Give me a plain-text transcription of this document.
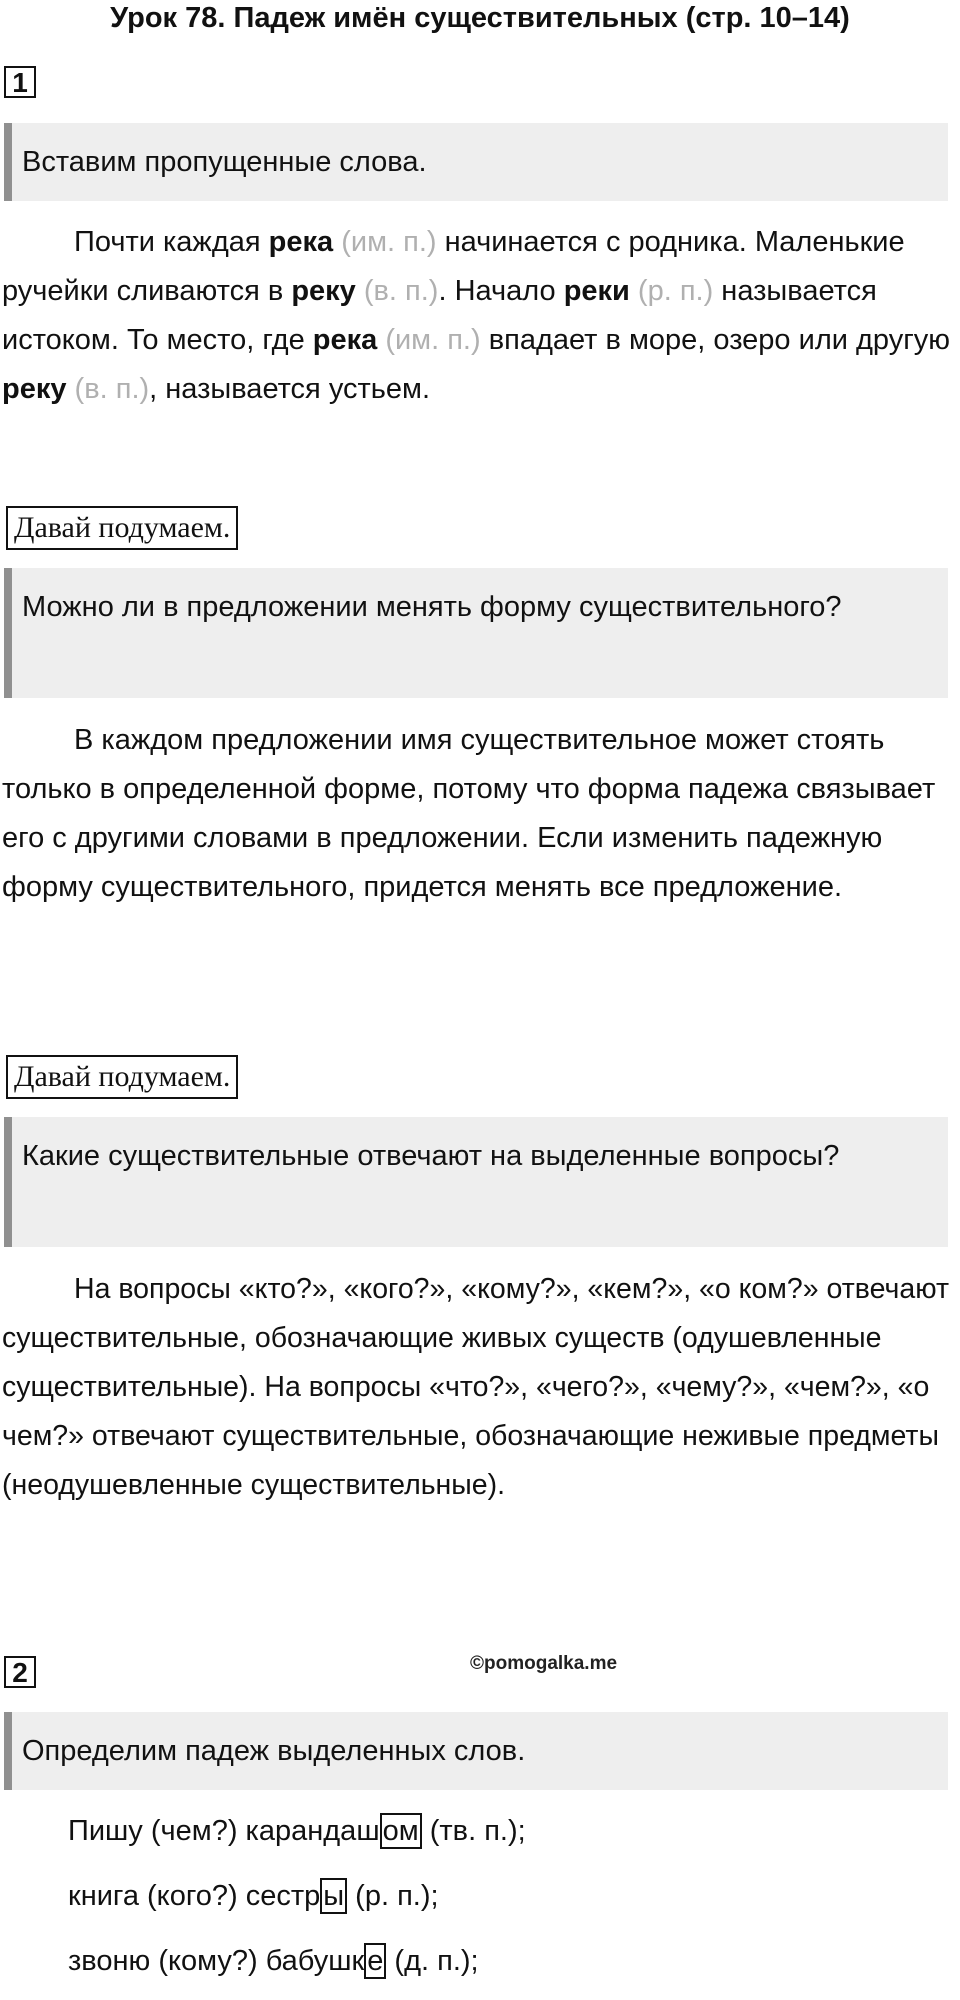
Урок 78. Падеж имён существительных (стр. 10–14)
1
Вставим пропущенные слова.

Почти каждая река (им. п.) начинается с родника. Маленькие ручейки сливаются в реку (в. п.). Начало реки (р. п.) называется истоком. То место, где река (им. п.) впадает в море, озеро или другую реку (в. п.), называется устьем.

Давай подумаем.
Можно ли в предложении менять форму существительного?

В каждом предложении имя существительное может стоять только в определенной форме, потому что форма падежа связывает его с другими словами в предложении. Если изменить падежную форму существительного, придется менять все предложение.

Давай подумаем.
Какие существительные отвечают на выделенные вопросы?

На вопросы «кто?», «кого?», «кому?», «кем?», «о ком?» отвечают существительные, обозначающие живых существ (одушевленные существительные). На вопросы «что?», «чего?», «чему?», «чем?», «о чем?» отвечают существительные, обозначающие неживые предметы (неодушевленные существительные).

2	©pomogalka.me
Определим падеж выделенных слов.
Пишу (чем?) карандаш ом (тв. п.);
книга (кого?) сестр ы (р. п.);
звоню (кому?) бабушк е (д. п.);
